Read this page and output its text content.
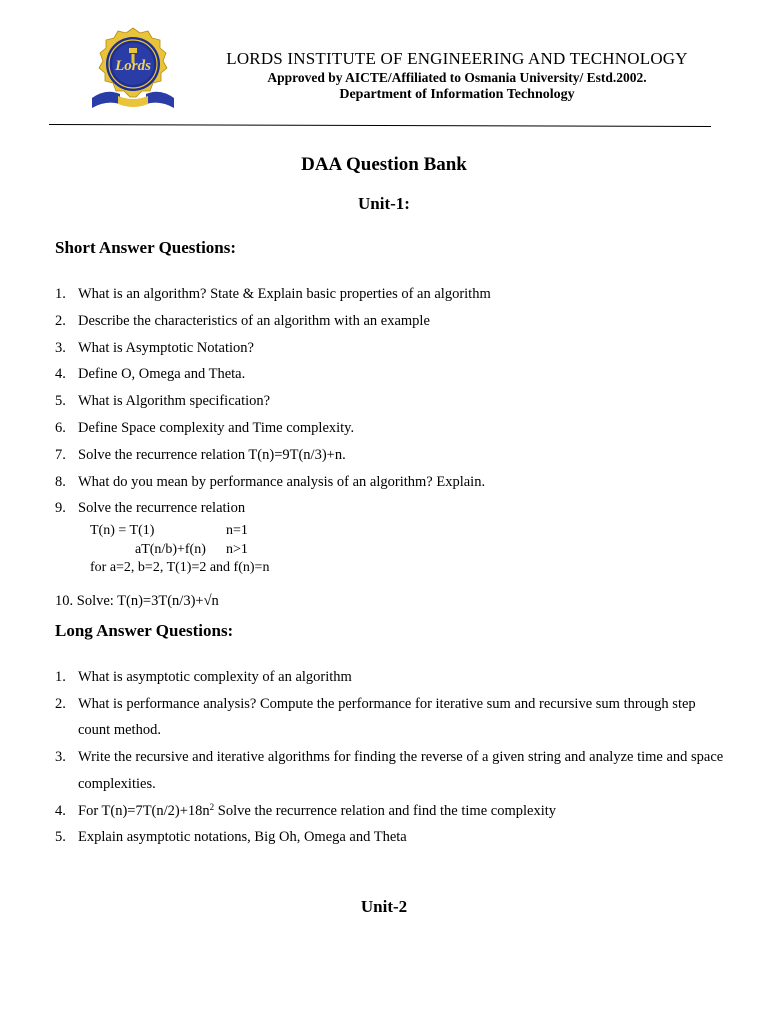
Lords	LORDS INSTITUTE OF ENGINEERING AND TECHNOLOGY
Approved by AICTE/Affiliated to Osmania University/ Estd.2002.
Department of Information Technology
DAA Question Bank
Unit-1:
Short Answer Questions:
1. What is an algorithm? State & Explain basic properties of an algorithm
2. Describe the characteristics of an algorithm with an example
3. What is Asymptotic Notation?
4. Define O, Omega and Theta.
5. What is Algorithm specification?
6. Define Space complexity and Time complexity.
7. Solve the recurrence relation T(n)=9T(n/3)+n.
8. What do you mean by performance analysis of an algorithm? Explain.
9. Solve the recurrence relation
T(n) = T(1)	n=1
aT(n/b)+f(n) n>1
for a=2, b=2, T(1)=2 and f(n)=n
10. Solve: T(n)=3T(n/3)+√n
Long Answer Questions:
1. What is asymptotic complexity of an algorithm
2. What is performance analysis? Compute the performance for iterative sum and recursive sum through step count method.
3. Write the recursive and iterative algorithms for finding the reverse of a given string and analyze time and space complexities.
4. For $T(n)=7T(n/2)+18n^2$ Solve the recurrence relation and find the time complexity
5. Explain asymptotic notations, Big Oh, Omega and Theta
Unit-2
